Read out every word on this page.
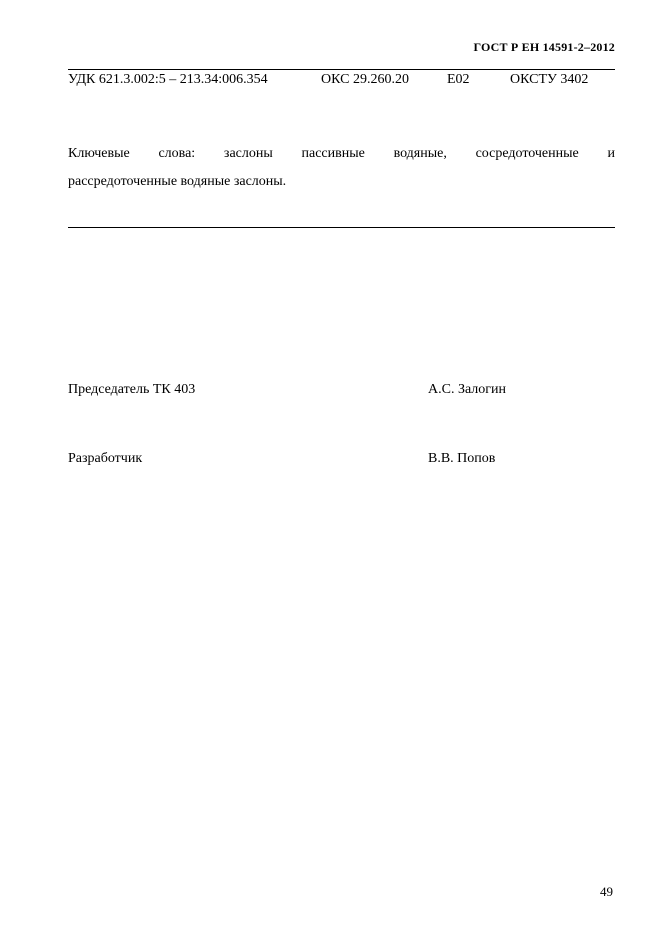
ГОСТ Р ЕН 14591-2–2012
УДК 621.3.002:5 – 213.34:006.354	ОКС 29.260.20	Е02	ОКСТУ 3402
Ключевые слова: заслоны пассивные водяные, сосредоточенные и
рассредоточенные водяные заслоны.
Председатель ТК 403	А.С. Залогин
Разработчик	В.В. Попов
49
